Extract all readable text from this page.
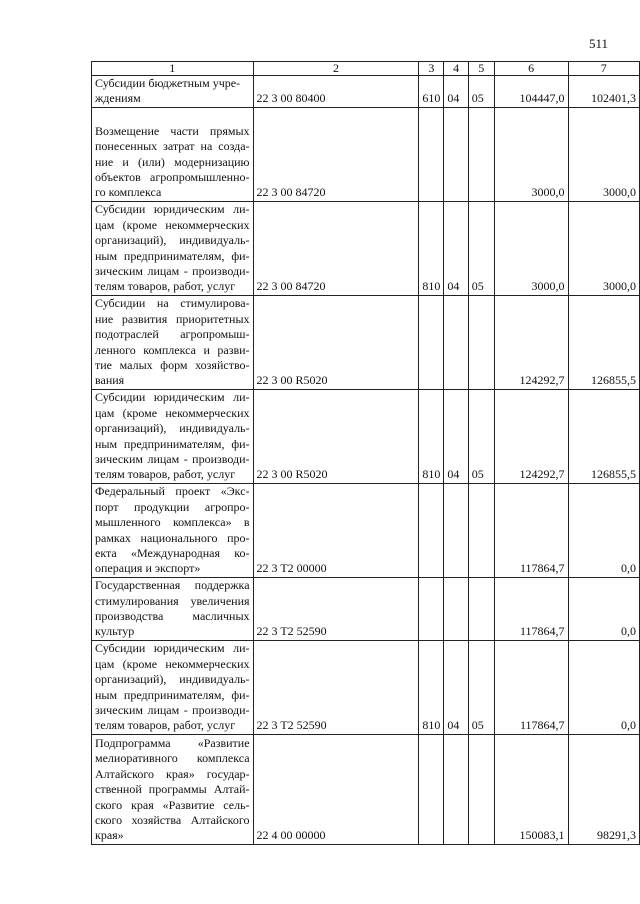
511
1	2	3	4	5	6	7
Субсидии бюджетным учре-
ждениям	22 3 00 80400	610	04	05	104447,0	102401,3
Возмещение части прямых понесенных затрат на созда-ние и (или) модернизацию объектов агропромышленно-го комплекса	22 3 00 84720				3000,0	3000,0
Субсидии юридическим ли-цам (кроме некоммерческих организаций), индивидуаль-ным предпринимателям, фи-зическим лицам - производи-телям товаров, работ, услуг	22 3 00 84720	810	04	05	3000,0	3000,0
Субсидии на стимулирова-ние развития приоритетных подотраслей агропромыш-ленного комплекса и разви-тие малых форм хозяйство-вания	22 3 00 R5020				124292,7	126855,5
Субсидии юридическим ли-цам (кроме некоммерческих организаций), индивидуаль-ным предпринимателям, фи-зическим лицам - производи-телям товаров, работ, услуг	22 3 00 R5020	810	04	05	124292,7	126855,5
Федеральный проект «Экс-порт продукции агропро-мышленного комплекса» в рамках национального про-екта «Международная ко-операция и экспорт»	22 3 T2 00000				117864,7	0,0
Государственная поддержка стимулирования увеличения производства масличных культур	22 3 T2 52590				117864,7	0,0
Субсидии юридическим ли-цам (кроме некоммерческих организаций), индивидуаль-ным предпринимателям, фи-зическим лицам - производи-телям товаров, работ, услуг	22 3 T2 52590	810	04	05	117864,7	0,0
Подпрограмма «Развитие мелиоративного комплекса Алтайского края» государ-ственной программы Алтай-ского края «Развитие сель-ского хозяйства Алтайского края»	22 4 00 00000				150083,1	98291,3
